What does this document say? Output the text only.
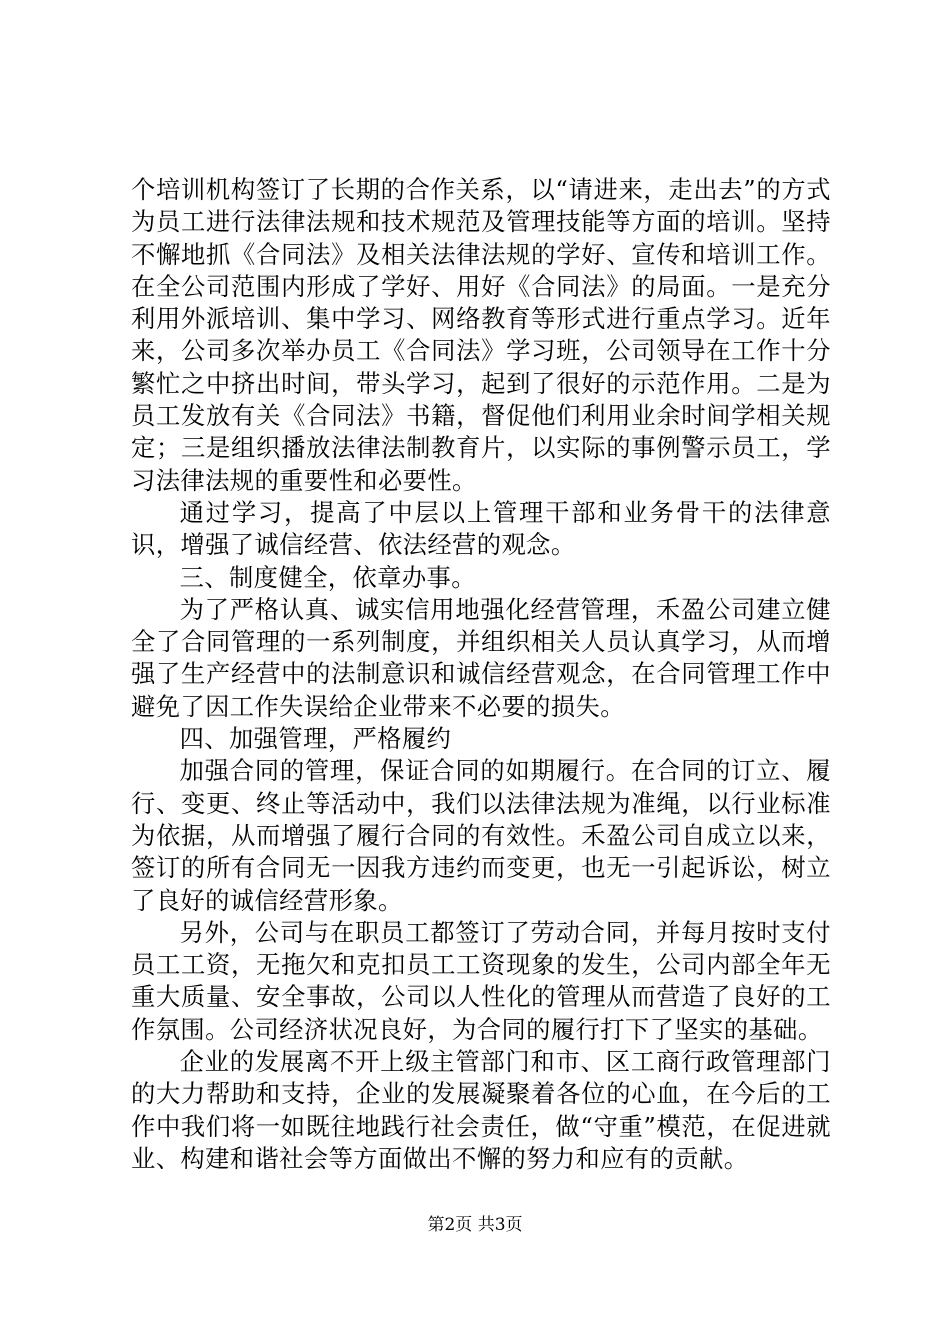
个培训机构签订了长期的合作关系，以“请进来，走出去”的方式为员工进行法律法规和技术规范及管理技能等方面的培训。坚持不懈地抓《合同法》及相关法律法规的学好、宣传和培训工作。在全公司范围内形成了学好、用好《合同法》的局面。一是充分利用外派培训、集中学习、网络教育等形式进行重点学习。近年来，公司多次举办员工《合同法》学习班，公司领导在工作十分繁忙之中挤出时间，带头学习，起到了很好的示范作用。二是为员工发放有关《合同法》书籍，督促他们利用业余时间学相关规定；三是组织播放法律法制教育片，以实际的事例警示员工，学习法律法规的重要性和必要性。

通过学习，提高了中层以上管理干部和业务骨干的法律意识，增强了诚信经营、依法经营的观念。

三、制度健全，依章办事。

为了严格认真、诚实信用地强化经营管理，禾盈公司建立健全了合同管理的一系列制度，并组织相关人员认真学习，从而增强了生产经营中的法制意识和诚信经营观念，在合同管理工作中避免了因工作失误给企业带来不必要的损失。

四、加强管理，严格履约

加强合同的管理，保证合同的如期履行。在合同的订立、履行、变更、终止等活动中，我们以法律法规为准绳，以行业标准为依据，从而增强了履行合同的有效性。禾盈公司自成立以来，签订的所有合同无一因我方违约而变更，也无一引起诉讼，树立了良好的诚信经营形象。

另外，公司与在职员工都签订了劳动合同，并每月按时支付员工工资，无拖欠和克扣员工工资现象的发生，公司内部全年无重大质量、安全事故，公司以人性化的管理从而营造了良好的工作氛围。公司经济状况良好，为合同的履行打下了坚实的基础。

企业的发展离不开上级主管部门和市、区工商行政管理部门的大力帮助和支持，企业的发展凝聚着各位的心血，在今后的工作中我们将一如既往地践行社会责任，做“守重”模范，在促进就业、构建和谐社会等方面做出不懈的努力和应有的贡献。

第2页 共3页
